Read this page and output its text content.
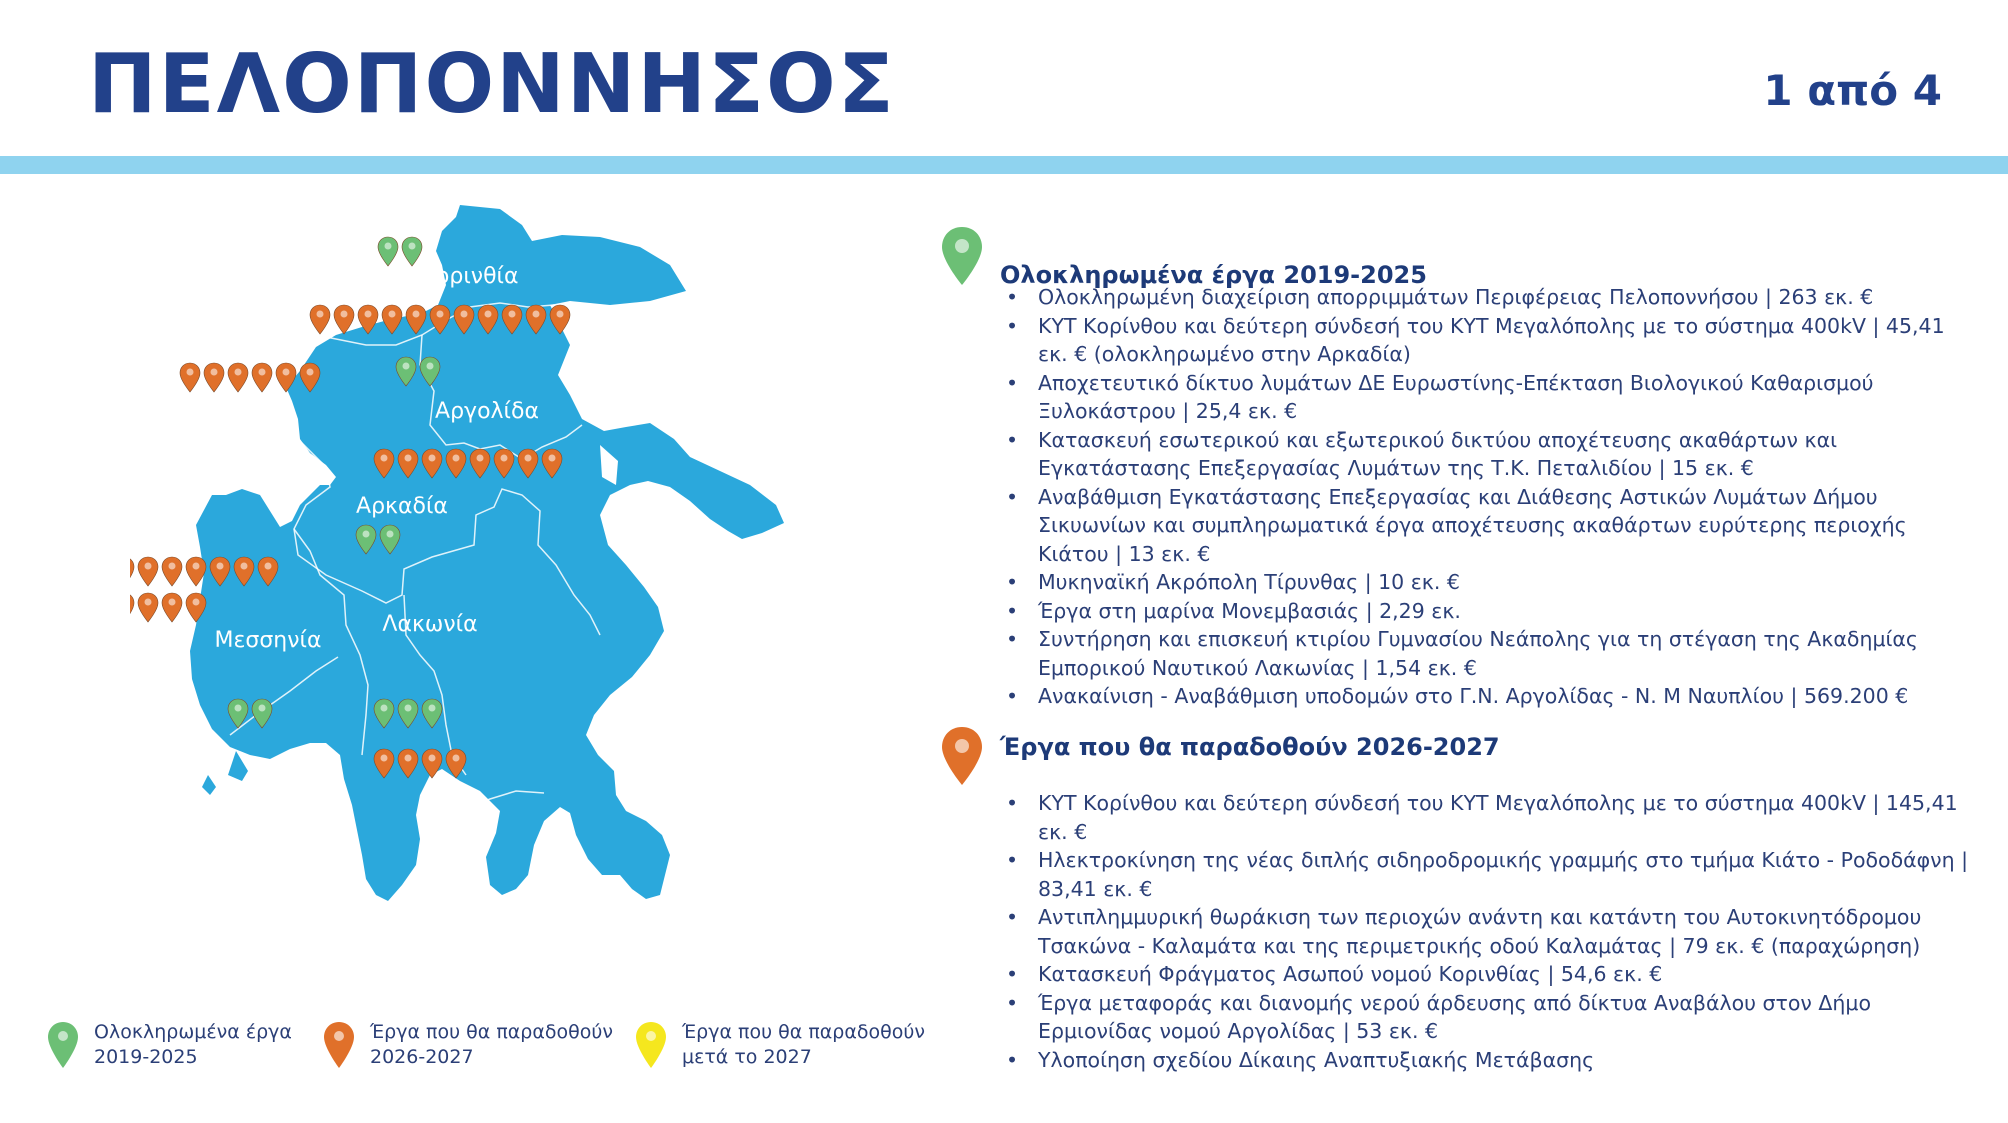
ΠΕΛΟΠΟΝΝΗΣΟΣ	1 από 4
Κορινθία
Αργολίδα
Αρκαδία
Μεσσηνία
Λακωνία
Ολοκληρωμένα έργα 2019-2025
• Ολοκληρωμένη διαχείριση απορριμμάτων Περιφέρειας Πελοποννήσου | 263 εκ. €
• ΚΥΤ Κορίνθου και δεύτερη σύνδεσή του ΚΥΤ Μεγαλόπολης με το σύστημα 400kV | 45,41 εκ. € (ολοκληρωμένο στην Αρκαδία)
• Αποχετευτικό δίκτυο λυμάτων ΔΕ Ευρωστίνης-Επέκταση Βιολογικού Καθαρισμού Ξυλοκάστρου | 25,4 εκ. €
• Κατασκευή εσωτερικού και εξωτερικού δικτύου αποχέτευσης ακαθάρτων και Εγκατάστασης Επεξεργασίας Λυμάτων της Τ.Κ. Πεταλιδίου | 15 εκ. €
• Αναβάθμιση Εγκατάστασης Επεξεργασίας και Διάθεσης Αστικών Λυμάτων Δήμου Σικυωνίων και συμπληρωματικά έργα αποχέτευσης ακαθάρτων ευρύτερης περιοχής Κιάτου | 13 εκ. €
• Μυκηναϊκή Ακρόπολη Τίρυνθας | 10 εκ. €
• Έργα στη μαρίνα Μονεμβασιάς | 2,29 εκ.
• Συντήρηση και επισκευή κτιρίου Γυμνασίου Νεάπολης για τη στέγαση της Ακαδημίας Εμπορικού Ναυτικού Λακωνίας | 1,54 εκ. €
• Ανακαίνιση - Αναβάθμιση υποδομών στο Γ.Ν. Αργολίδας - Ν. Μ Ναυπλίου | 569.200 €
Έργα που θα παραδοθούν 2026-2027
• ΚΥΤ Κορίνθου και δεύτερη σύνδεσή του ΚΥΤ Μεγαλόπολης με το σύστημα 400kV | 145,41 εκ. €
• Ηλεκτροκίνηση της νέας διπλής σιδηροδρομικής γραμμής στο τμήμα Κιάτο - Ροδοδάφνη | 83,41 εκ. €
• Αντιπλημμυρική θωράκιση των περιοχών ανάντη και κατάντη του Αυτοκινητόδρομου Τσακώνα - Καλαμάτα και της περιμετρικής οδού Καλαμάτας | 79 εκ. € (παραχώρηση)
• Κατασκευή Φράγματος Ασωπού νομού Κορινθίας | 54,6 εκ. €
• Έργα μεταφοράς και διανομής νερού άρδευσης από δίκτυα Αναβάλου στον Δήμο Ερμιονίδας νομού Αργολίδας | 53 εκ. €
• Υλοποίηση σχεδίου Δίκαιης Αναπτυξιακής Μετάβασης
Ολοκληρωμένα έργα
2019-2025
Έργα που θα παραδοθούν
2026-2027
Έργα που θα παραδοθούν
μετά το 2027
